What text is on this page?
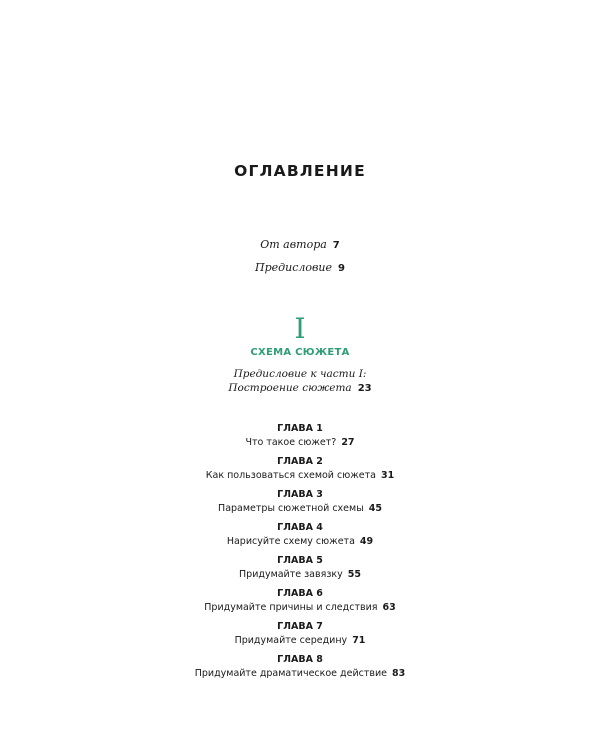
ОГЛАВЛЕНИЕ
От автора 7
Предисловие 9
I
СХЕМА СЮЖЕТА
Предисловие к части I:
Построение сюжета 23
ГЛАВА 1
Что такое сюжет? 27
ГЛАВА 2
Как пользоваться схемой сюжета 31
ГЛАВА 3
Параметры сюжетной схемы 45
ГЛАВА 4
Нарисуйте схему сюжета 49
ГЛАВА 5
Придумайте завязку 55
ГЛАВА 6
Придумайте причины и следствия 63
ГЛАВА 7
Придумайте середину 71
ГЛАВА 8
Придумайте драматическое действие 83
